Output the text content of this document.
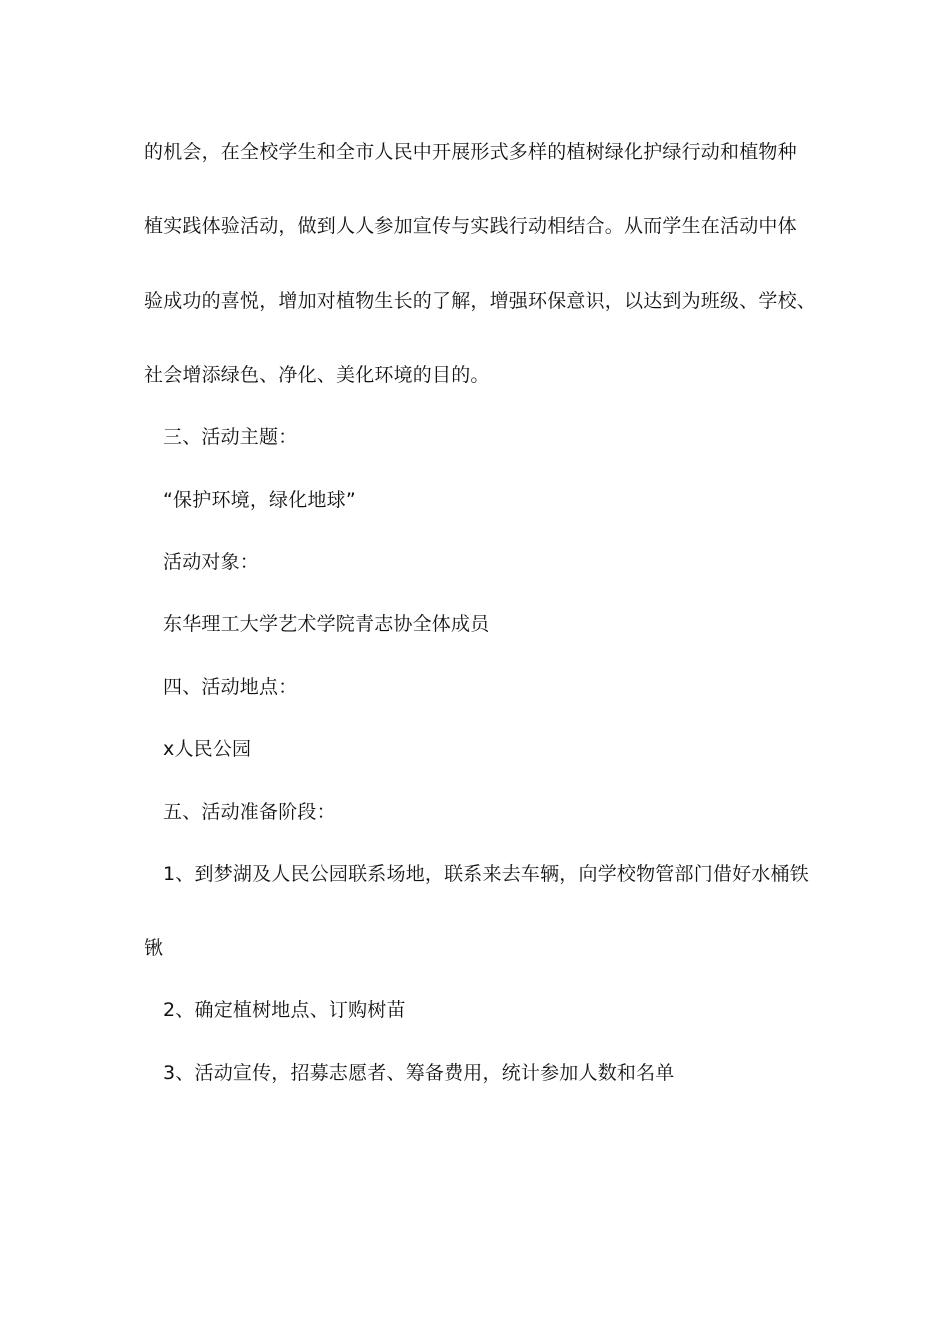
的机会，在全校学生和全市人民中开展形式多样的植树绿化护绿行动和植物种
植实践体验活动，做到人人参加宣传与实践行动相结合。从而学生在活动中体
验成功的喜悦，增加对植物生长的了解，增强环保意识，以达到为班级、学校、
社会增添绿色、净化、美化环境的目的。
三、活动主题：
“保护环境，绿化地球”
活动对象：
东华理工大学艺术学院青志协全体成员
四、活动地点：
x人民公园
五、活动准备阶段：
1、到梦湖及人民公园联系场地，联系来去车辆，向学校物管部门借好水桶铁
锹
2、确定植树地点、订购树苗
3、活动宣传，招募志愿者、筹备费用，统计参加人数和名单
